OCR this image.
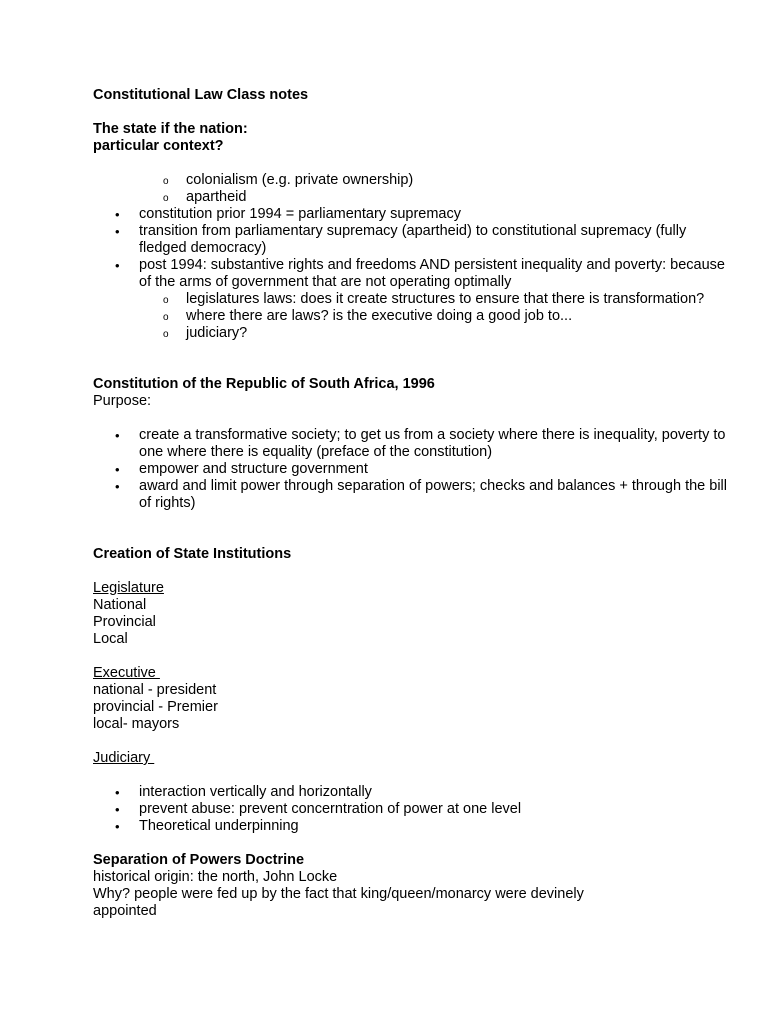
Constitutional Law Class notes

The state if the nation:

particular context?

o colonialism (e.g. private ownership)
o apartheid
• constitution prior 1994 = parliamentary supremacy
• transition from parliamentary supremacy (apartheid) to constitutional supremacy (fully fledged democracy)
• post 1994: substantive rights and freedoms AND persistent inequality and poverty: because of the arms of government that are not operating optimally
o legislatures laws: does it create structures to ensure that there is transformation?
o where there are laws? is the executive doing a good job to...
o judiciary?

Constitution of the Republic of South Africa, 1996

Purpose:

• create a transformative society; to get us from a society where there is inequality, poverty to one where there is equality (preface of the constitution)
• empower and structure government
• award and limit power through separation of powers; checks and balances + through the bill of rights)

Creation of State Institutions

Legislature

National

Provincial

Local

Executive

national - president

provincial - Premier

local- mayors

Judiciary

• interaction vertically and horizontally
• prevent abuse: prevent concerntration of power at one level
• Theoretical underpinning

Separation of Powers Doctrine

historical origin: the north, John Locke

Why? people were fed up by the fact that king/queen/monarcy were devinely appointed
